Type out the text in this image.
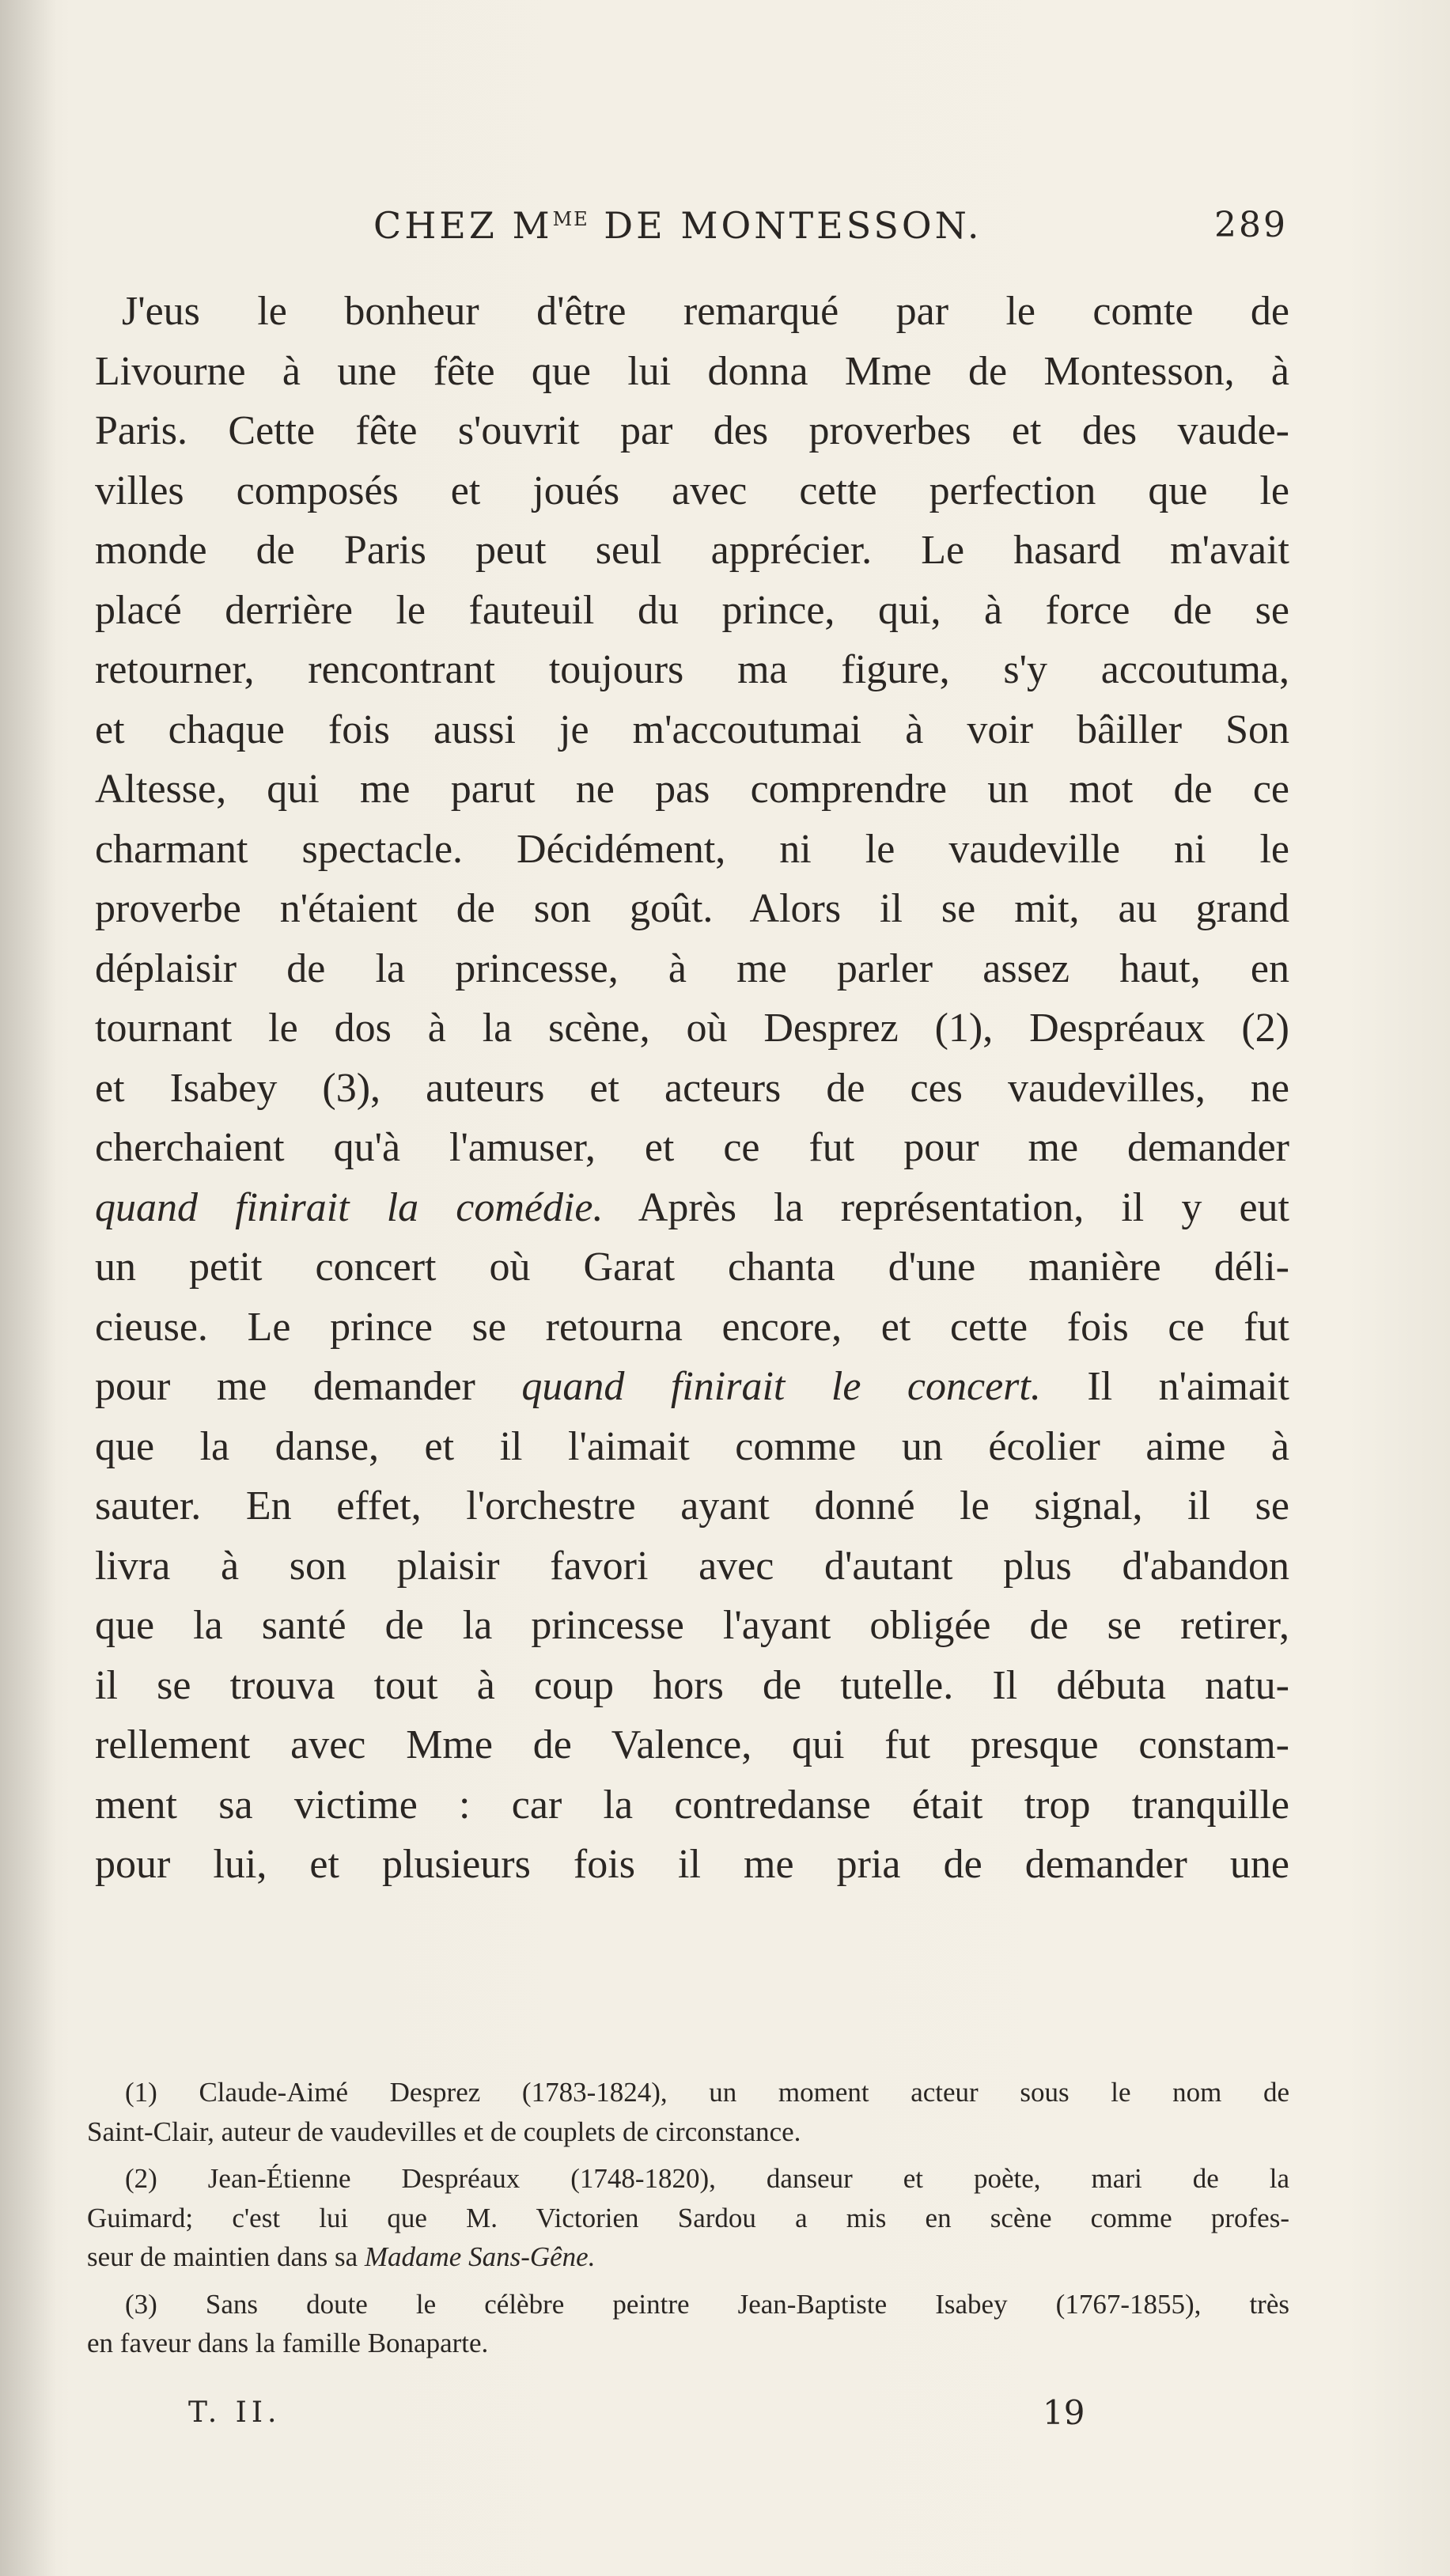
CHEZ $M^{ME}$ DE MONTESSON.	289
J'eus le bonheur d'être remarqué par le comte de
Livourne à une fête que lui donna Mme de Montesson, à
Paris. Cette fête s'ouvrit par des proverbes et des vaude-
villes composés et joués avec cette perfection que le
monde de Paris peut seul apprécier. Le hasard m'avait
placé derrière le fauteuil du prince, qui, à force de se
retourner, rencontrant toujours ma figure, s'y accoutuma,
et chaque fois aussi je m'accoutumai à voir bâiller Son
Altesse, qui me parut ne pas comprendre un mot de ce
charmant spectacle. Décidément, ni le vaudeville ni le
proverbe n'étaient de son goût. Alors il se mit, au grand
déplaisir de la princesse, à me parler assez haut, en
tournant le dos à la scène, où Desprez (1), Despréaux (2)
et Isabey (3), auteurs et acteurs de ces vaudevilles, ne
cherchaient qu'à l'amuser, et ce fut pour me demander
quand finirait la comédie. Après la représentation, il y eut
un petit concert où Garat chanta d'une manière déli-
cieuse. Le prince se retourna encore, et cette fois ce fut
pour me demander quand finirait le concert. Il n'aimait
que la danse, et il l'aimait comme un écolier aime à
sauter. En effet, l'orchestre ayant donné le signal, il se
livra à son plaisir favori avec d'autant plus d'abandon
que la santé de la princesse l'ayant obligée de se retirer,
il se trouva tout à coup hors de tutelle. Il débuta natu-
rellement avec Mme de Valence, qui fut presque constam-
ment sa victime : car la contredanse était trop tranquille
pour lui, et plusieurs fois il me pria de demander une
(1) Claude-Aimé Desprez (1783-1824), un moment acteur sous le nom de
Saint-Clair, auteur de vaudevilles et de couplets de circonstance.
(2) Jean-Étienne Despréaux (1748-1820), danseur et poète, mari de la
Guimard; c'est lui que M. Victorien Sardou a mis en scène comme profes-
seur de maintien dans sa Madame Sans-Gêne.
(3) Sans doute le célèbre peintre Jean-Baptiste Isabey (1767-1855), très
en faveur dans la famille Bonaparte.
T. II.	19
